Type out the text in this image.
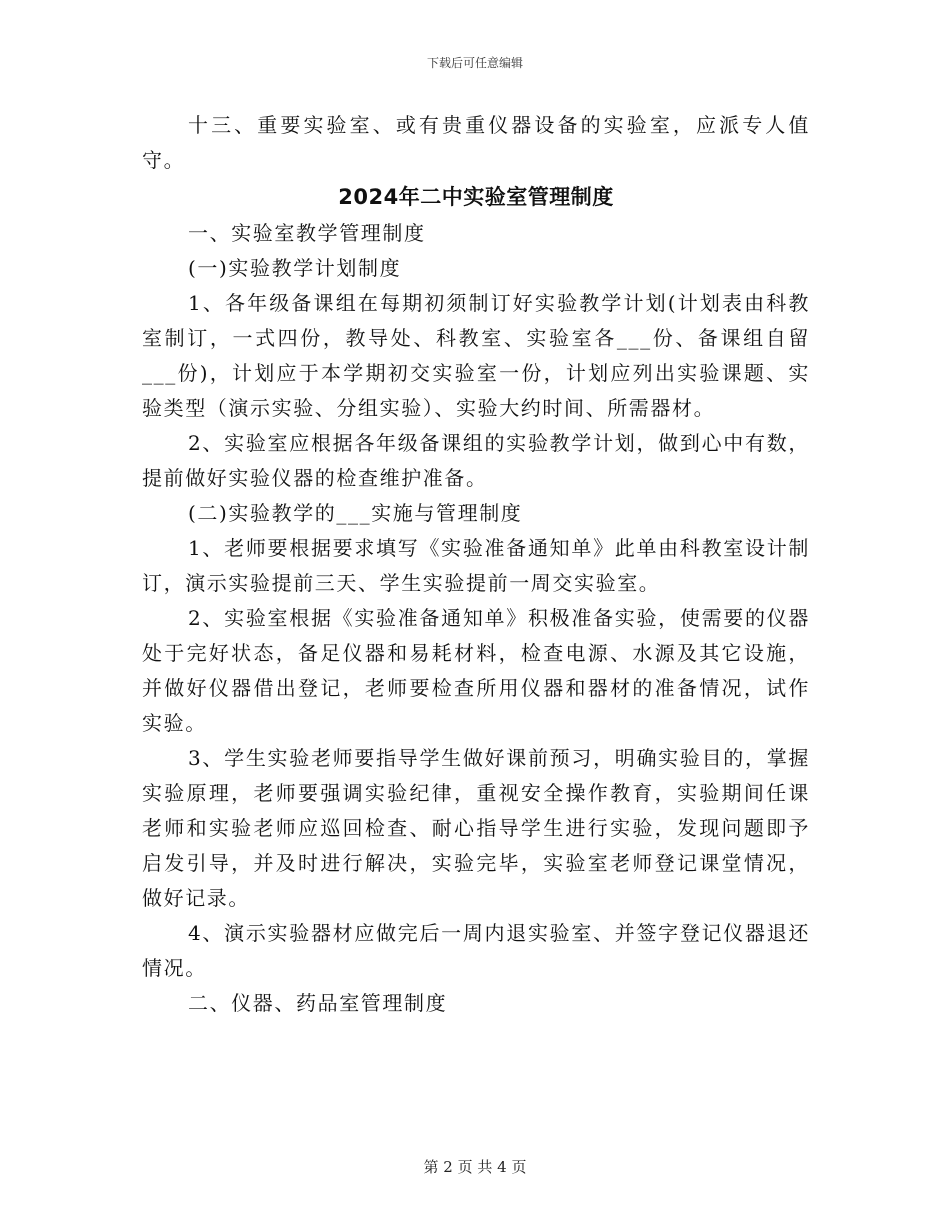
下载后可任意编辑

十三、重要实验室、或有贵重仪器设备的实验室，应派专人值守。

2024年二中实验室管理制度

一、实验室教学管理制度

(一)实验教学计划制度

1、各年级备课组在每期初须制订好实验教学计划(计划表由科教室制订，一式四份，教导处、科教室、实验室各___份、备课组自留___份)，计划应于本学期初交实验室一份，计划应列出实验课题、实验类型（演示实验、分组实验）、实验大约时间、所需器材。

2、实验室应根据各年级备课组的实验教学计划，做到心中有数，提前做好实验仪器的检查维护准备。

(二)实验教学的___实施与管理制度

1、老师要根据要求填写《实验准备通知单》此单由科教室设计制订，演示实验提前三天、学生实验提前一周交实验室。

2、实验室根据《实验准备通知单》积极准备实验，使需要的仪器处于完好状态，备足仪器和易耗材料，检查电源、水源及其它设施，并做好仪器借出登记，老师要检查所用仪器和器材的准备情况，试作实验。

3、学生实验老师要指导学生做好课前预习，明确实验目的，掌握实验原理，老师要强调实验纪律，重视安全操作教育，实验期间任课老师和实验老师应巡回检查、耐心指导学生进行实验，发现问题即予启发引导，并及时进行解决，实验完毕，实验室老师登记课堂情况，做好记录。

4、演示实验器材应做完后一周内退实验室、并签字登记仪器退还情况。

二、仪器、药品室管理制度

第 2 页 共 4 页
